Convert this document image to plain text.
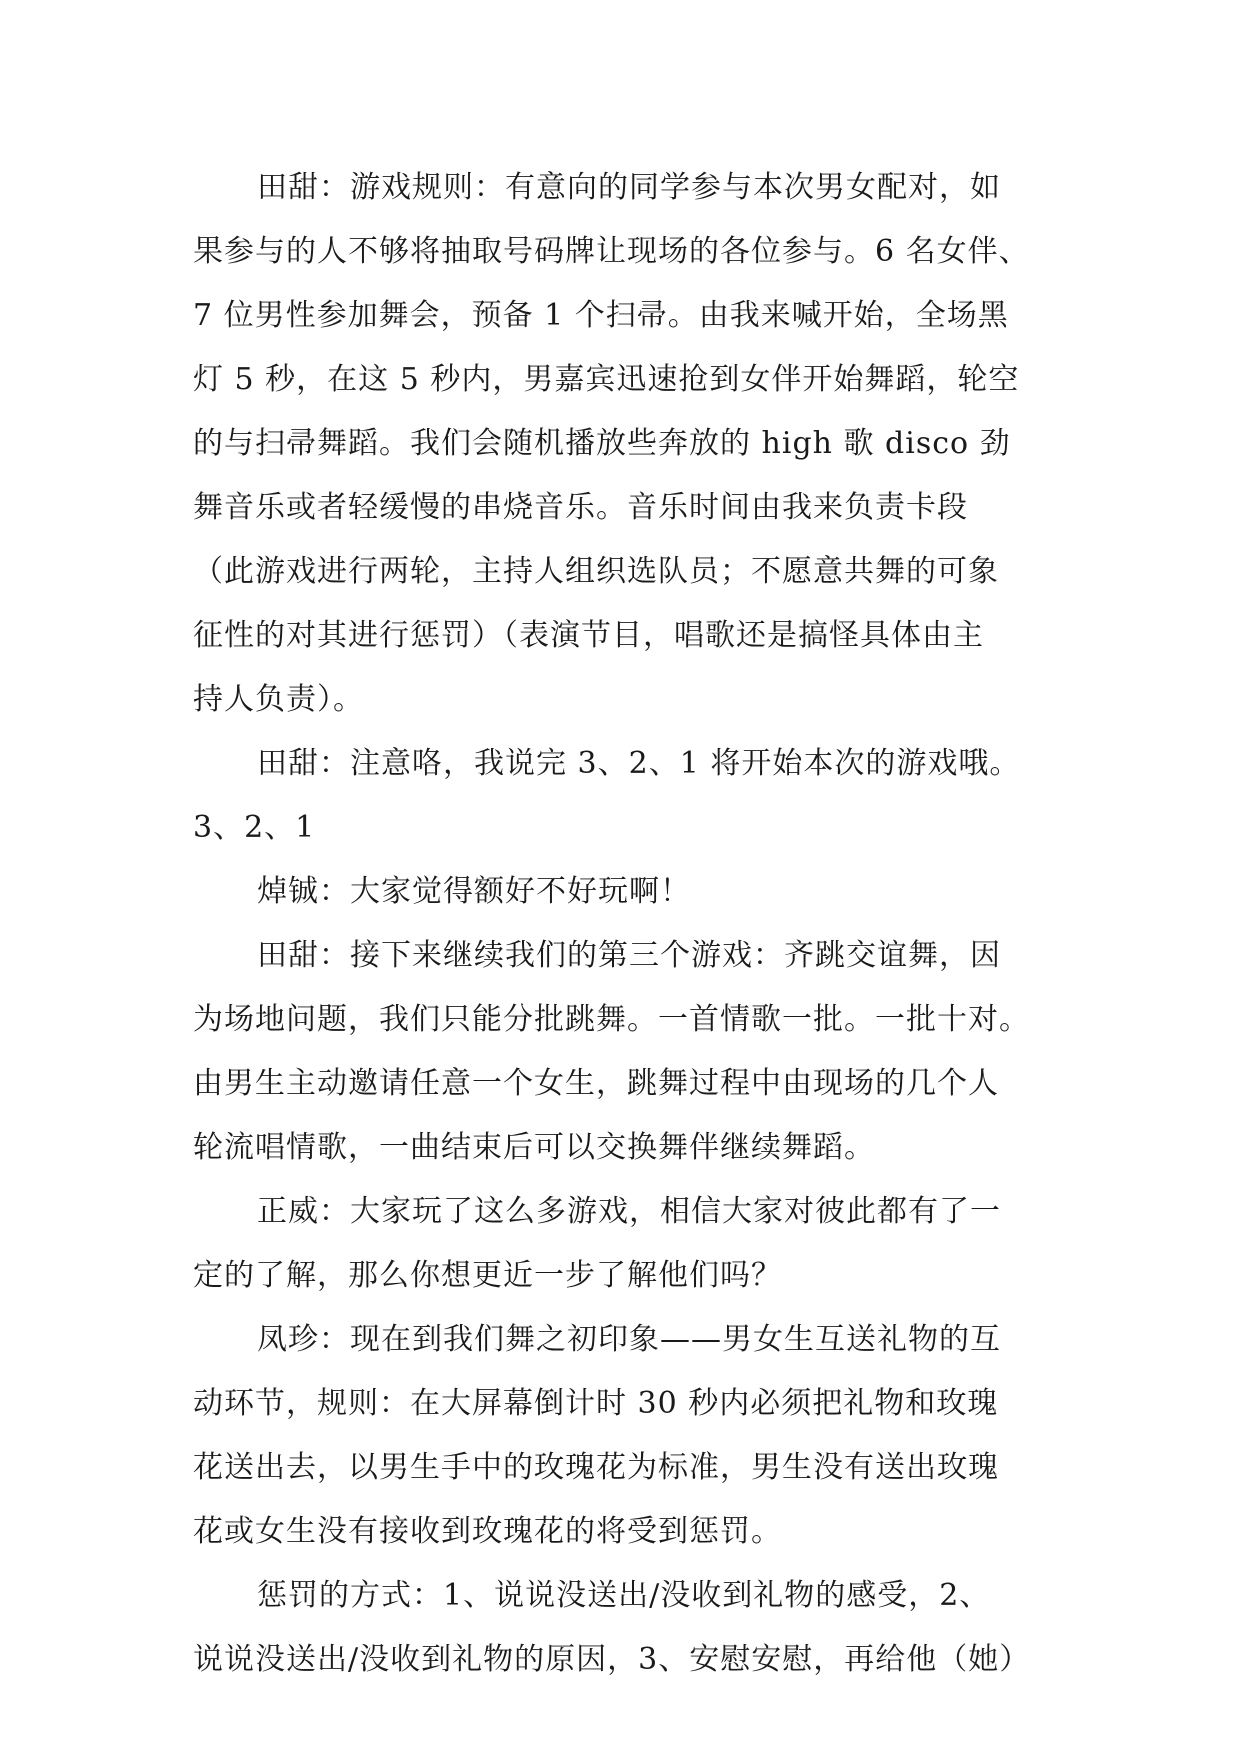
田甜：游戏规则：有意向的同学参与本次男女配对，如
果参与的人不够将抽取号码牌让现场的各位参与。6 名女伴、
7 位男性参加舞会，预备 1 个扫帚。由我来喊开始，全场黑
灯 5 秒，在这 5 秒内，男嘉宾迅速抢到女伴开始舞蹈，轮空
的与扫帚舞蹈。我们会随机播放些奔放的 high 歌 disco 劲
舞音乐或者轻缓慢的串烧音乐。音乐时间由我来负责卡段
（此游戏进行两轮，主持人组织选队员；不愿意共舞的可象
征性的对其进行惩罚）（表演节目，唱歌还是搞怪具体由主
持人负责）。
田甜：注意咯，我说完 3、2、1 将开始本次的游戏哦。
3、2、1
焯铖：大家觉得额好不好玩啊！
田甜：接下来继续我们的第三个游戏：齐跳交谊舞，因
为场地问题，我们只能分批跳舞。一首情歌一批。一批十对。
由男生主动邀请任意一个女生，跳舞过程中由现场的几个人
轮流唱情歌，一曲结束后可以交换舞伴继续舞蹈。
正威：大家玩了这么多游戏，相信大家对彼此都有了一
定的了解，那么你想更近一步了解他们吗？
凤珍：现在到我们舞之初印象——男女生互送礼物的互
动环节，规则：在大屏幕倒计时 30 秒内必须把礼物和玫瑰
花送出去，以男生手中的玫瑰花为标准，男生没有送出玫瑰
花或女生没有接收到玫瑰花的将受到惩罚。
惩罚的方式：1、说说没送出/没收到礼物的感受，2、
说说没送出/没收到礼物的原因，3、安慰安慰，再给他（她）
